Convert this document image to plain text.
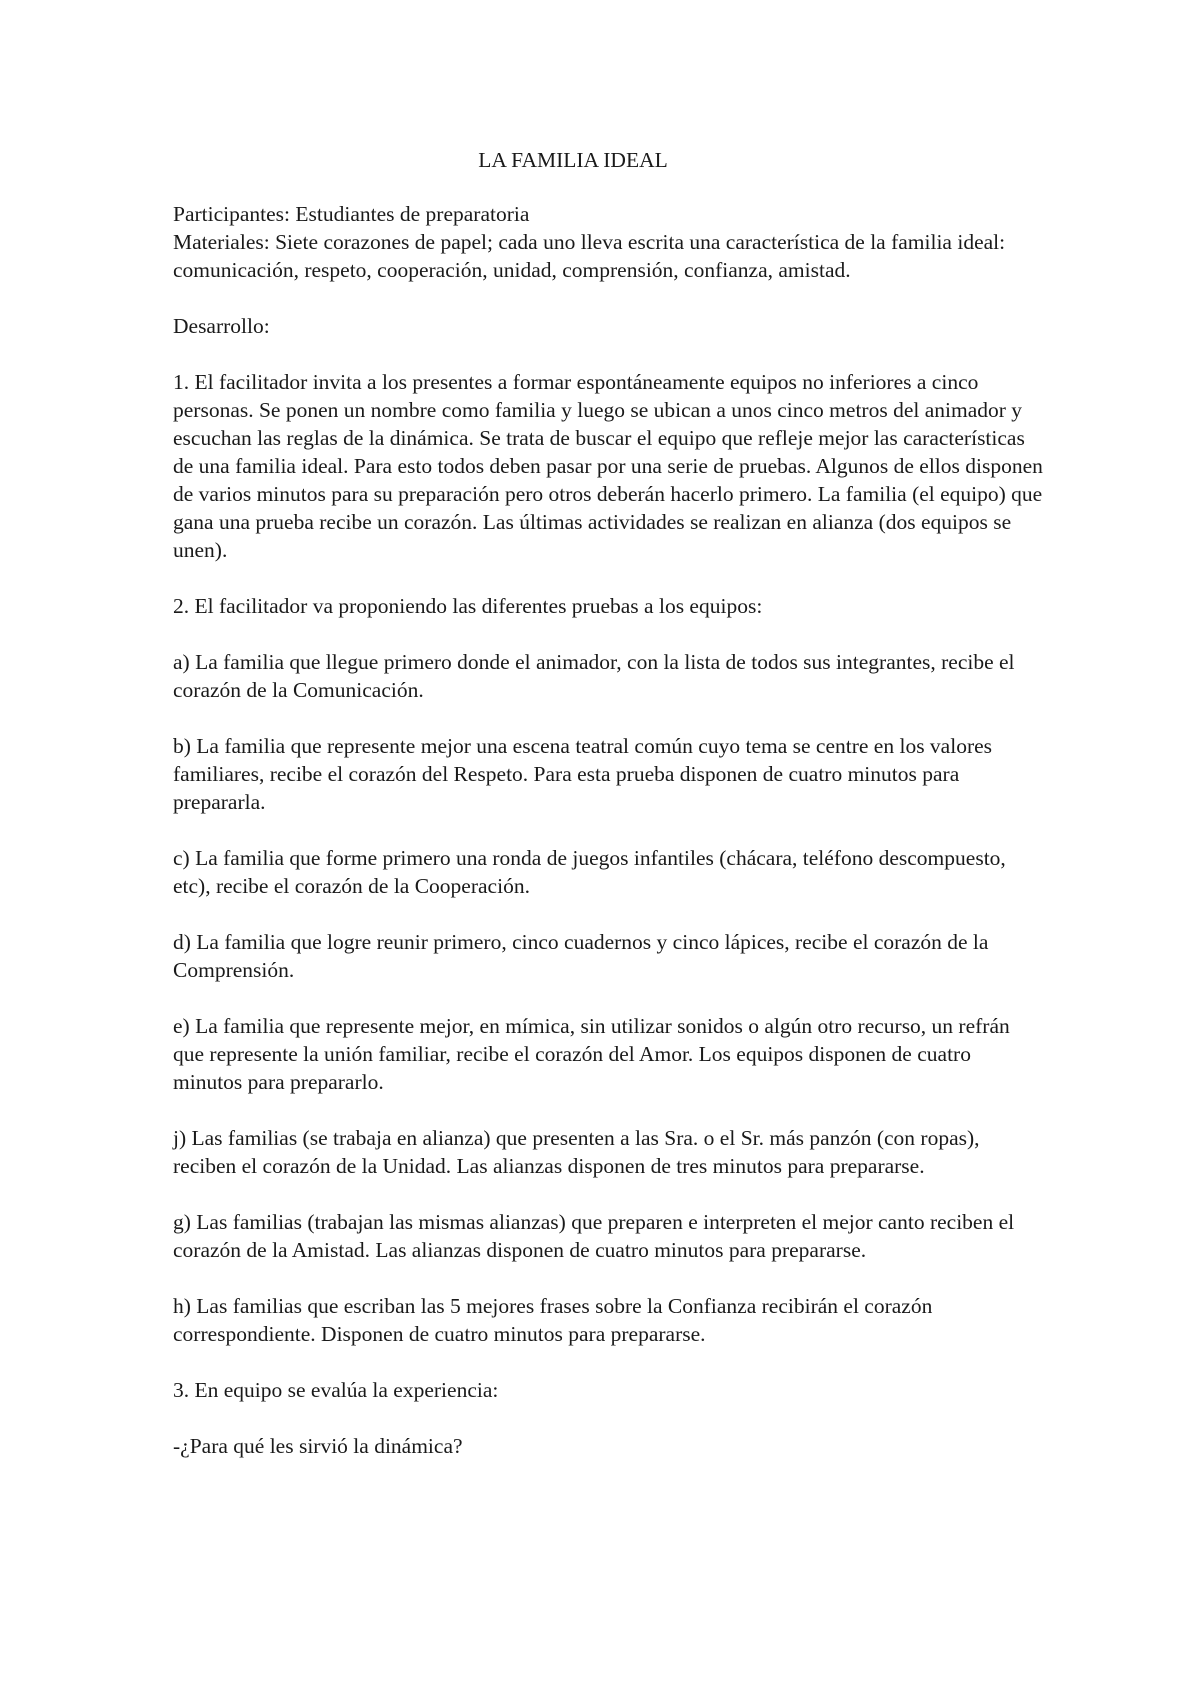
LA FAMILIA IDEAL

Participantes: Estudiantes de preparatoria

Materiales: Siete corazones de papel; cada uno lleva escrita una característica de la familia ideal: comunicación, respeto, cooperación, unidad, comprensión, confianza, amistad.

Desarrollo:

1. El facilitador invita a los presentes a formar espontáneamente equipos no inferiores a cinco personas. Se ponen un nombre como familia y luego se ubican a unos cinco metros del animador y escuchan las reglas de la dinámica. Se trata de buscar el equipo que refleje mejor las características de una familia ideal. Para esto todos deben pasar por una serie de pruebas. Algunos de ellos disponen de varios minutos para su preparación pero otros deberán hacerlo primero. La familia (el equipo) que gana una prueba recibe un corazón. Las últimas actividades se realizan en alianza (dos equipos se unen).

2. El facilitador va proponiendo las diferentes pruebas a los equipos:

a) La familia que llegue primero donde el animador, con la lista de todos sus integrantes, recibe el corazón de la Comunicación.

b) La familia que represente mejor una escena teatral común cuyo tema se centre en los valores familiares, recibe el corazón del Respeto. Para esta prueba disponen de cuatro minutos para prepararla.

c) La familia que forme primero una ronda de juegos infantiles (chácara, teléfono descompuesto, etc), recibe el corazón de la Cooperación.

d) La familia que logre reunir primero, cinco cuadernos y cinco lápices, recibe el corazón de la Comprensión.

e) La familia que represente mejor, en mímica, sin utilizar sonidos o algún otro recurso, un refrán que represente la unión familiar, recibe el corazón del Amor. Los equipos disponen de cuatro minutos para prepararlo.

j) Las familias (se trabaja en alianza) que presenten a las Sra. o el Sr. más panzón (con ropas), reciben el corazón de la Unidad. Las alianzas disponen de tres minutos para prepararse.

g) Las familias (trabajan las mismas alianzas) que preparen e interpreten el mejor canto reciben el corazón de la Amistad. Las alianzas disponen de cuatro minutos para prepararse.

h) Las familias que escriban las 5 mejores frases sobre la Confianza recibirán el corazón correspondiente. Disponen de cuatro minutos para prepararse.

3. En equipo se evalúa la experiencia:

-¿Para qué les sirvió la dinámica?
